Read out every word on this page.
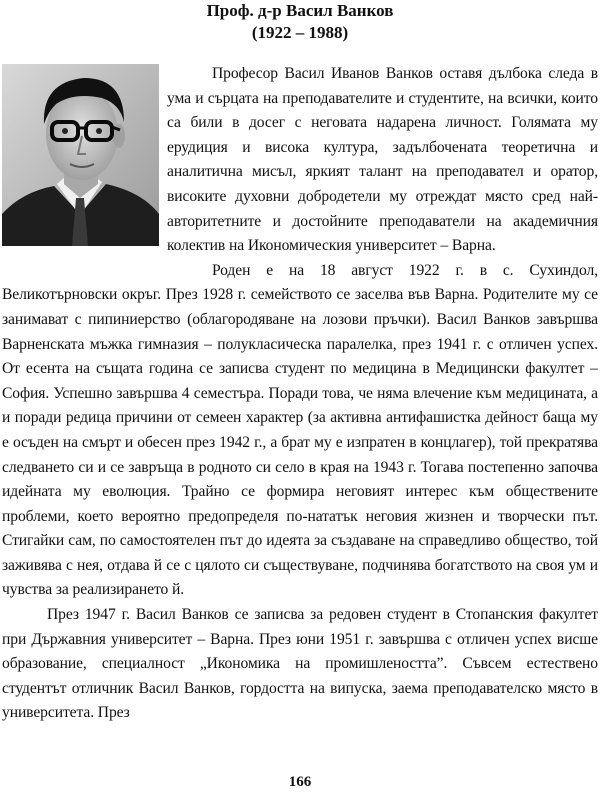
Проф. д-р Васил Ванков
(1922 – 1988)

Професор Васил Иванов Ванков оставя дълбока следа в ума и сърцата на преподавателите и студентите, на всички, които са били в досег с неговата надарена личност. Голямата му ерудиция и висока култура, задълбочената теоретична и аналитична мисъл, яркият талант на преподавател и оратор, високите духовни добродетели му отреждат място сред най-авторитетните и достойните преподаватели на академичния колектив на Икономическия университет – Варна.

Роден е на 18 август 1922 г. в с. Сухиндол, Великотърновски окръг. През 1928 г. семейството се заселва във Варна. Родителите му се занимават с пипиниерство (облагородяване на лозови пръчки). Васил Ванков завършва Варненската мъжка гимназия – полукласическа паралелка, през 1941 г. с отличен успех. От есента на същата година се записва студент по медицина в Медицински факултет – София. Успешно завършва 4 семестъра. Поради това, че няма влечение към медицината, а и поради редица причини от семеен характер (за активна антифашистка дейност баща му е осъден на смърт и обесен през 1942 г., а брат му е изпратен в концлагер), той прекратява следването си и се завръща в родното си село в края на 1943 г. Тогава постепенно започва идейната му еволюция. Трайно се формира неговият интерес към обществените проблеми, което вероятно предопределя по-нататък неговия жизнен и творчески път. Стигайки сам, по самостоятелен път до идеята за създаване на справедливо общество, той заживява с нея, отдава й се с цялото си съществуване, подчинява богатството на своя ум и чувства за реализирането й.

През 1947 г. Васил Ванков се записва за редовен студент в Стопанския факултет при Държавния университет – Варна. През юни 1951 г. завършва с отличен успех висше образование, специалност „Икономика на промишлеността”. Съвсем естествено студентът отличник Васил Ванков, гордостта на випуска, заема преподавателско място в университета. През

166
